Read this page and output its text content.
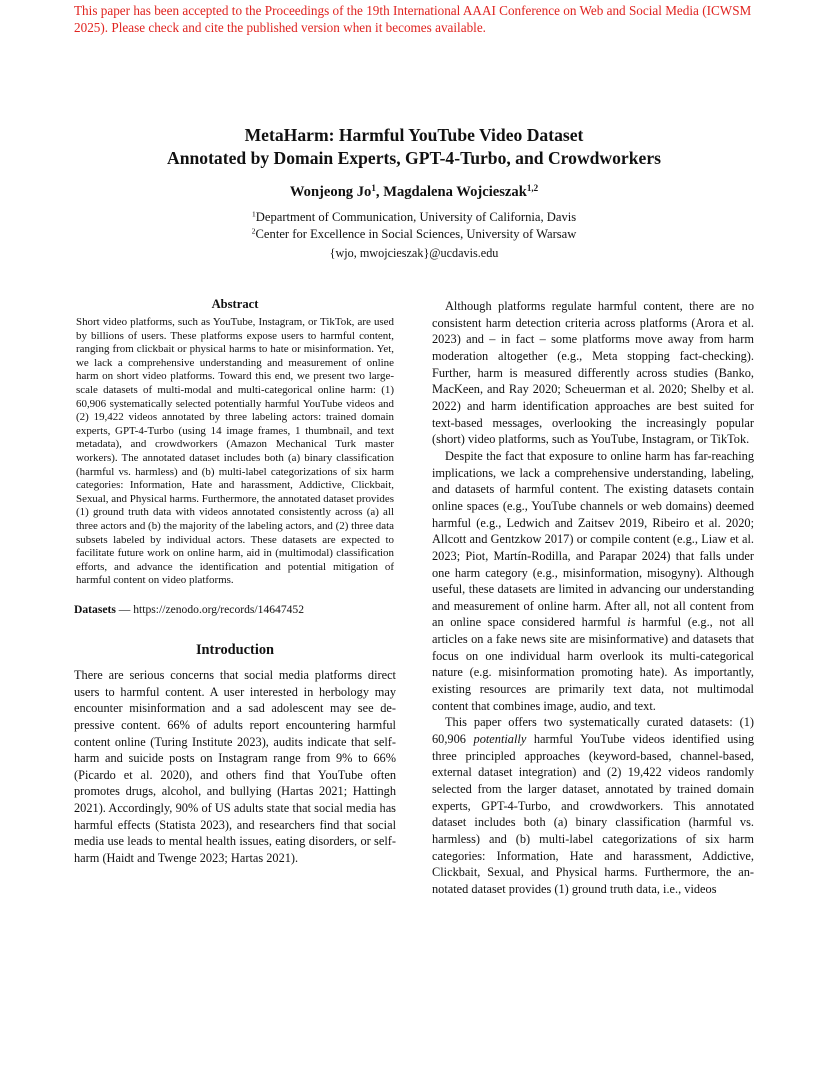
This paper has been accepted to the Proceedings of the 19th International AAAI Conference on Web and Social Media (ICWSM 2025). Please check and cite the published version when it becomes available.
MetaHarm: Harmful YouTube Video Dataset
Annotated by Domain Experts, GPT-4-Turbo, and Crowdworkers
Wonjeong Jo$^1$, Magdalena Wojcieszak$^{1,2}$
$^1$Department of Communication, University of California, Davis
$^2$Center for Excellence in Social Sciences, University of Warsaw
{wjo, mwojcieszak}@ucdavis.edu
Abstract

Short video platforms, such as YouTube, Instagram, or TikTok, are used by billions of users. These platforms expose users to harmful content, ranging from clickbait or physical harms to hate or misinformation. Yet, we lack a comprehensive understanding and measurement of online harm on short video platforms. Toward this end, we present two large-scale datasets of multi-modal and multi-categorical online harm: (1) 60,906 systematically selected potentially harmful YouTube videos and (2) 19,422 videos annotated by three labeling actors: trained domain experts, GPT-4-Turbo (using 14 image frames, 1 thumbnail, and text metadata), and crowdworkers (Amazon Mechanical Turk master workers). The annotated dataset includes both (a) binary classification (harmful vs. harmless) and (b) multi-label categorizations of six harm categories: Information, Hate and harassment, Addictive, Clickbait, Sexual, and Physical harms. Furthermore, the annotated dataset provides (1) ground truth data with videos annotated consistently across (a) all three actors and (b) the majority of the labeling actors, and (2) three data subsets labeled by individual actors. These datasets are expected to facilitate future work on online harm, aid in (multimodal) classification efforts, and advance the identification and potential mitigation of harmful content on video platforms.

Datasets — https://zenodo.org/records/14647452

Introduction

There are serious concerns that social media platforms direct users to harmful content. A user interested in herbology may encounter misinformation and a sad adolescent may see depressive content. 66% of adults report encountering harmful content online (Turing Institute 2023), audits indicate that self-harm and suicide posts on Instagram range from 9% to 66% (Picardo et al. 2020), and others find that YouTube often promotes drugs, alcohol, and bullying (Hartas 2021; Hattingh 2021). Accordingly, 90% of US adults state that social media has harmful effects (Statista 2023), and researchers find that social media use leads to mental health issues, eating disorders, or self-harm (Haidt and Twenge 2023; Hartas 2021).

Although platforms regulate harmful content, there are no consistent harm detection criteria across platforms (Arora et al. 2023) and – in fact – some platforms move away from harm moderation altogether (e.g., Meta stopping fact-checking). Further, harm is measured differently across studies (Banko, MacKeen, and Ray 2020; Scheuerman et al. 2020; Shelby et al. 2022) and harm identification approaches are best suited for text-based messages, overlooking the increasingly popular (short) video platforms, such as YouTube, Instagram, or TikTok.

Despite the fact that exposure to online harm has far-reaching implications, we lack a comprehensive understanding, labeling, and datasets of harmful content. The existing datasets contain online spaces (e.g., YouTube channels or web domains) deemed harmful (e.g., Ledwich and Zaitsev 2019, Ribeiro et al. 2020; Allcott and Gentzkow 2017) or compile content (e.g., Liaw et al. 2023; Piot, Martín-Rodilla, and Parapar 2024) that falls under one harm category (e.g., misinformation, misogyny). Although useful, these datasets are limited in advancing our understanding and measurement of online harm. After all, not all content from an online space considered harmful is harmful (e.g., not all articles on a fake news site are misinformative) and datasets that focus on one individual harm overlook its multi-categorical nature (e.g. misinformation promoting hate). As importantly, existing resources are primarily text data, not multimodal content that combines image, audio, and text.

This paper offers two systematically curated datasets: (1) 60,906 potentially harmful YouTube videos identified using three principled approaches (keyword-based, channel-based, external dataset integration) and (2) 19,422 videos randomly selected from the larger dataset, annotated by trained domain experts, GPT-4-Turbo, and crowdworkers. This annotated dataset includes both (a) binary classification (harmful vs. harmless) and (b) multi-label categorizations of six harm categories: Information, Hate and harassment, Addictive, Clickbait, Sexual, and Physical harms. Furthermore, the annotated dataset provides (1) ground truth data, i.e., videos
